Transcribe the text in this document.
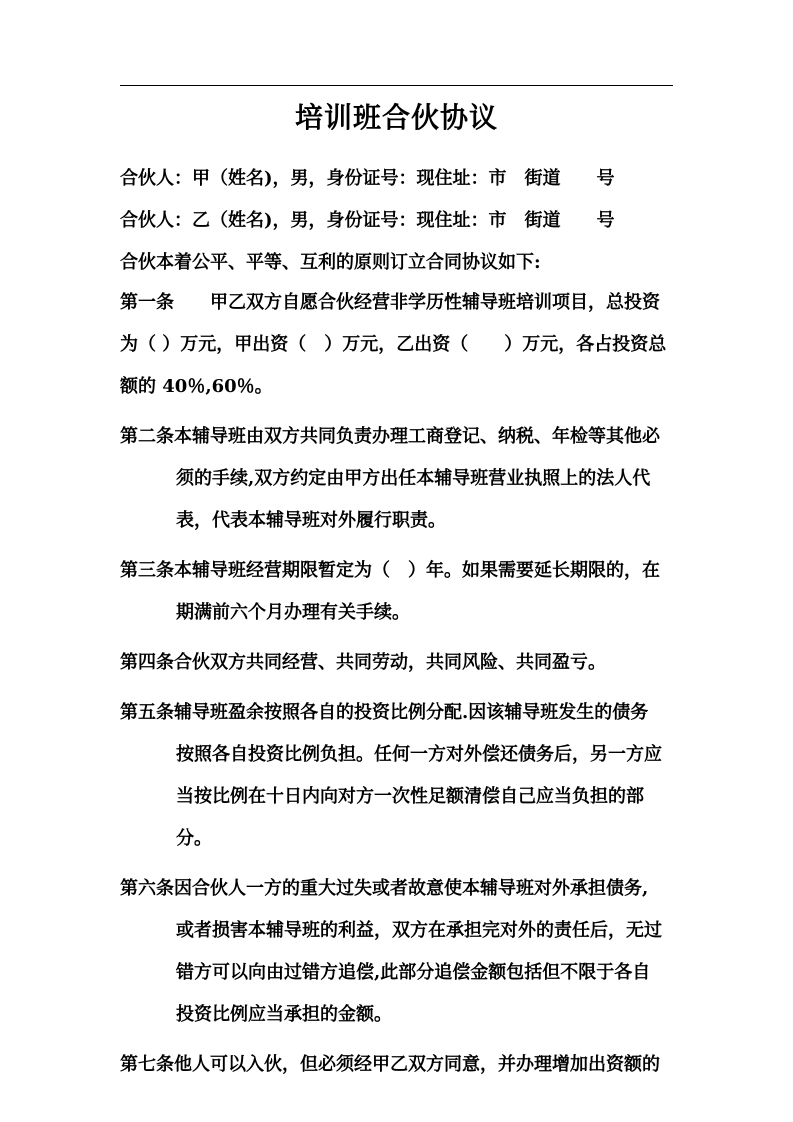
培训班合伙协议

合伙人：甲（姓名)，男，身份证号：现住址：市　街道　　号

合伙人：乙（姓名)，男，身份证号：现住址：市　街道　　号

合伙本着公平、平等、互利的原则订立合同协议如下:

第一条　　甲乙双方自愿合伙经营非学历性辅导班培训项目，总投资
为（ ）万元，甲出资（　）万元，乙出资（　　）万元，各占投资总
额的 40％,60％。
第二条本辅导班由双方共同负责办理工商登记、纳税、年检等其他必
须的手续,双方约定由甲方出任本辅导班营业执照上的法人代
表，代表本辅导班对外履行职责。
第三条本辅导班经营期限暂定为（　）年。如果需要延长期限的，在
期满前六个月办理有关手续。
第四条合伙双方共同经营、共同劳动，共同风险、共同盈亏。
第五条辅导班盈余按照各自的投资比例分配.因该辅导班发生的债务
按照各自投资比例负担。任何一方对外偿还债务后，另一方应
当按比例在十日内向对方一次性足额清偿自己应当负担的部
分。
第六条因合伙人一方的重大过失或者故意使本辅导班对外承担债务,
或者损害本辅导班的利益，双方在承担完对外的责任后，无过
错方可以向由过错方追偿,此部分追偿金额包括但不限于各自
投资比例应当承担的金额。
第七条他人可以入伙，但必须经甲乙双方同意，并办理增加出资额的
